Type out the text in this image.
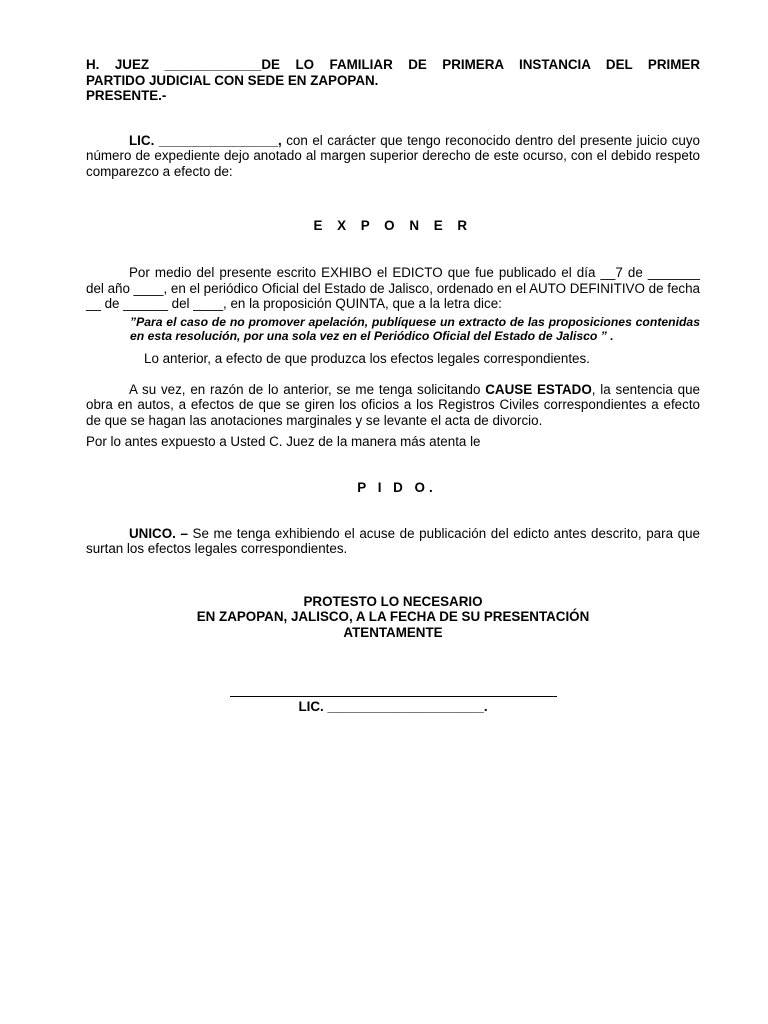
H. JUEZ _____________DE LO FAMILIAR DE PRIMERA INSTANCIA DEL PRIMER

PARTIDO JUDICIAL CON SEDE EN ZAPOPAN.

PRESENTE.-

LIC. ________________, con el carácter que tengo reconocido dentro del presente juicio cuyo número de expediente dejo anotado al margen superior derecho de este ocurso, con el debido respeto comparezco a efecto de:

E X P O N E R

Por medio del presente escrito EXHIBO el EDICTO que fue publicado el día __7 de _______ del año ____, en el periódico Oficial del Estado de Jalisco, ordenado en el AUTO DEFINITIVO de fecha __ de ______ del ____, en la proposición QUINTA, que a la letra dice:

”Para el caso de no promover apelación, publíquese un extracto de las proposiciones contenidas en esta resolución, por una sola vez en el Periódico Oficial del Estado de Jalisco ” .

Lo anterior, a efecto de que produzca los efectos legales correspondientes.

A su vez, en razón de lo anterior, se me tenga solicitando CAUSE ESTADO, la sentencia que obra en autos, a efectos de que se giren los oficios a los Registros Civiles correspondientes a efecto de que se hagan las anotaciones marginales y se levante el acta de divorcio.

Por lo antes expuesto a Usted C. Juez de la manera más atenta le

P I D O.

UNICO. – Se me tenga exhibiendo el acuse de publicación del edicto antes descrito, para que surtan los efectos legales correspondientes.

PROTESTO LO NECESARIO

EN ZAPOPAN, JALISCO, A LA FECHA DE SU PRESENTACIÓN

ATENTAMENTE

LIC. _____________________.
